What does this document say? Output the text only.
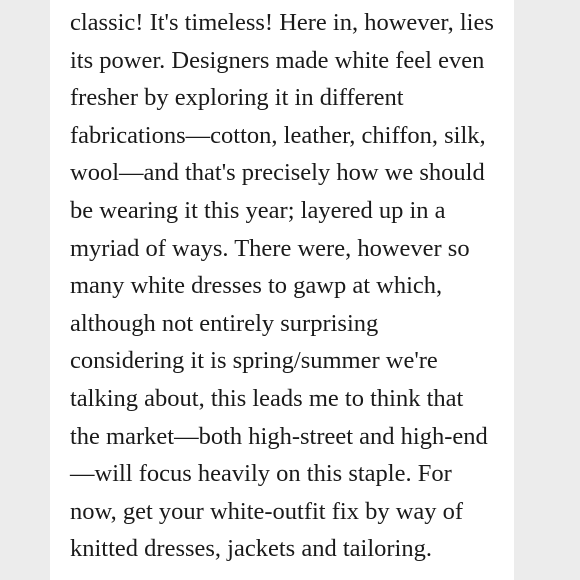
classic! It's timeless! Here in, however, lies
its power. Designers made white feel even
fresher by exploring it in different
fabrications—cotton, leather, chiffon, silk,
wool—and that's precisely how we should
be wearing it this year; layered up in a
myriad of ways. There were, however so
many white dresses to gawp at which,
although not entirely surprising
considering it is spring/summer we're
talking about, this leads me to think that
the market—both high-street and high-end
—will focus heavily on this staple. For
now, get your white-outfit fix by way of
knitted dresses, jackets and tailoring.
